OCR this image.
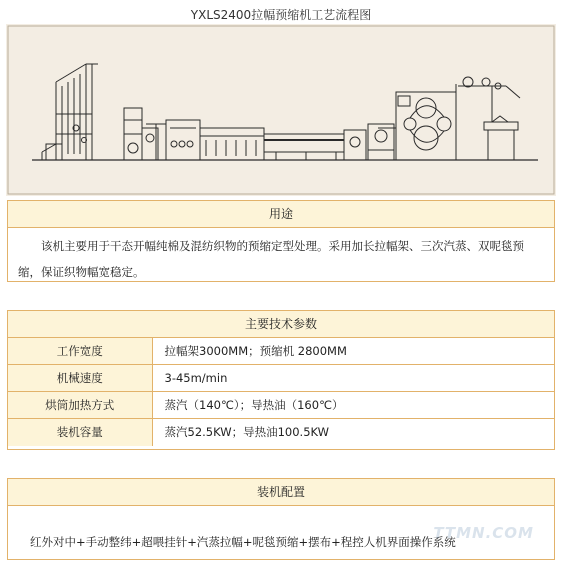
YXLS2400拉幅预缩机工艺流程图
用途
该机主要用于干态开幅纯棉及混纺织物的预缩定型处理。采用加长拉幅架、三次汽蒸、双呢毯预缩，保证织物幅宽稳定。
主要技术参数
工作宽度	拉幅架3000MM；预缩机 2800MM
机械速度	3-45m/min
烘筒加热方式	蒸汽（140℃）；导热油（160℃）
装机容量	蒸汽52.5KW；导热油100.5KW
装机配置
红外对中+手动整纬+超喂挂针+汽蒸拉幅+呢毯预缩+摆布+程控人机界面操作系统
TTMN.COM
